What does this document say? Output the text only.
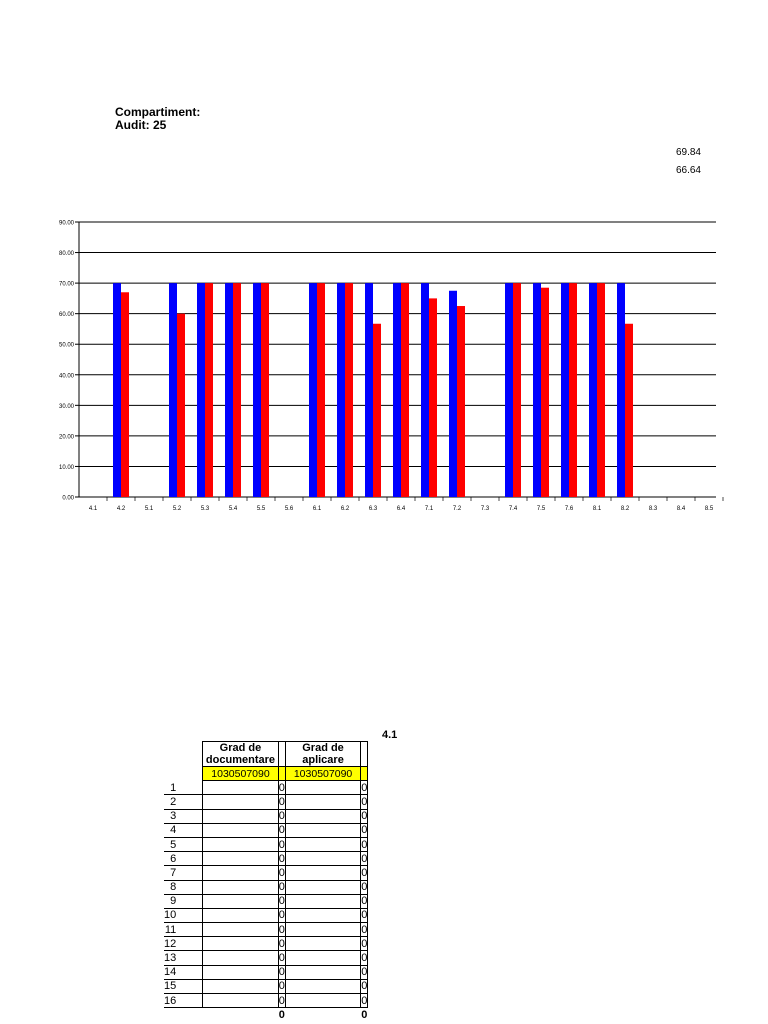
Compartiment:
Audit: 25
69.84
66.64
0.00
10.00
20.00
30.00
40.00
50.00
60.00
70.00
80.00
90.00
4.1	4.2	5.1	5.2	5.3	5.4	5.5	5.6	6.1	6.2	6.3	6.4	7.1	7.2	7.3	7.4	7.5	7.6	8.1	8.2	8.3	8.4	8.5
4.1
	Grad de documentare		Grad de aplicare	

	10 30 50 70 90		10 30 50 70 90	

1		0		0
2		0		0
3		0		0
4		0		0
5		0		0
6		0		0
7		0		0
8		0		0
9		0		0
10		0		0
11		0		0
12		0		0
13		0		0
14		0		0
15		0		0
16		0		0
		0		0
